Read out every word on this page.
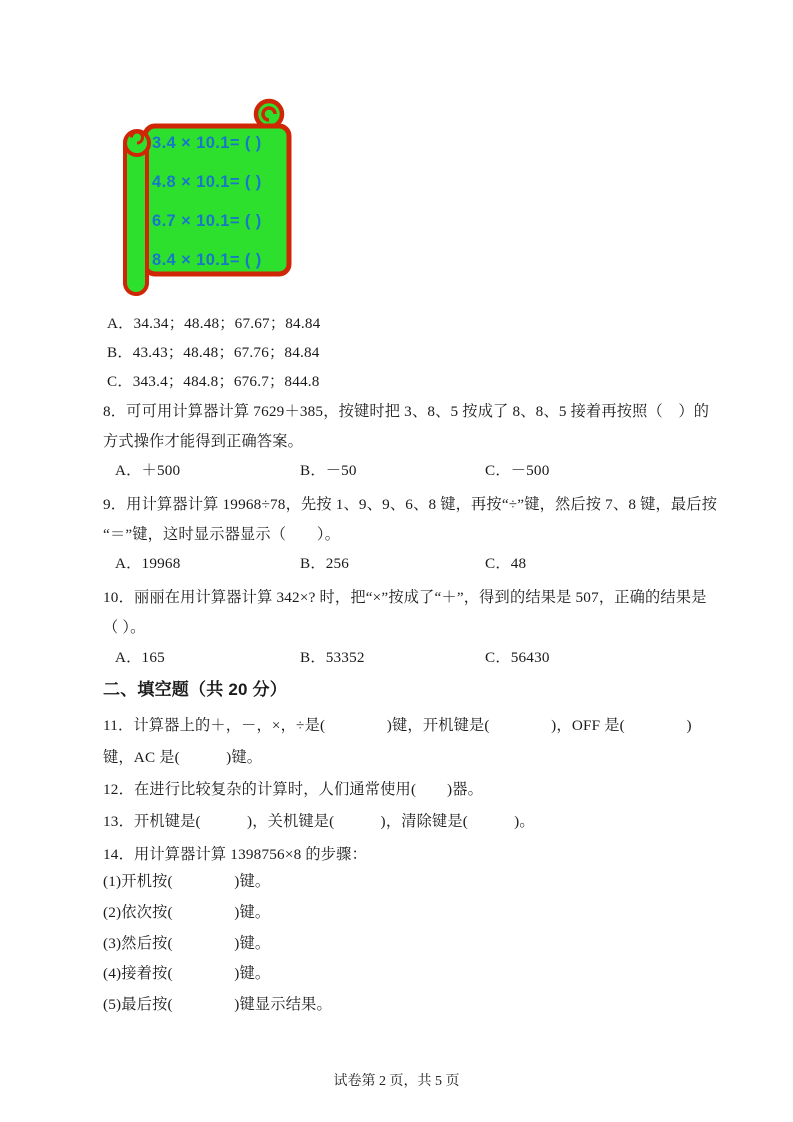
3.4 × 10.1= ( )
4.8 × 10.1= ( )
6.7 × 10.1= ( )
8.4 × 10.1= ( )
A．34.34；48.48；67.67；84.84
B．43.43；48.48；67.76；84.84
C．343.4；484.8；676.7；844.8
8．可可用计算器计算 7629＋385，按键时把 3、8、5 按成了 8、8、5 接着再按照（　）的
方式操作才能得到正确答案。
A．＋500	B．－50	C．－500
9．用计算器计算 19968÷78，先按 1、9、9、6、8 键，再按“÷”键，然后按 7、8 键，最后按
“＝”键，这时显示器显示（　　）。
A．19968	B．256	C．48
10．丽丽在用计算器计算 342×? 时，把“×”按成了“＋”，得到的结果是 507，正确的结果是
（ ）。
A．165	B．53352	C．56430
二、填空题（共 20 分）
11．计算器上的＋，－，×，÷是(　　　　)键，开机键是(　　　　)，OFF 是(　　　　)
键，AC 是(　　　)键。
12．在进行比较复杂的计算时，人们通常使用(　　)器。
13．开机键是(　　　)，关机键是(　　　)，清除键是(　　　)。
14．用计算器计算 1398756×8 的步骤：
(1)开机按(　　　　)键。
(2)依次按(　　　　)键。
(3)然后按(　　　　)键。
(4)接着按(　　　　)键。
(5)最后按(　　　　)键显示结果。
试卷第 2 页，共 5 页
